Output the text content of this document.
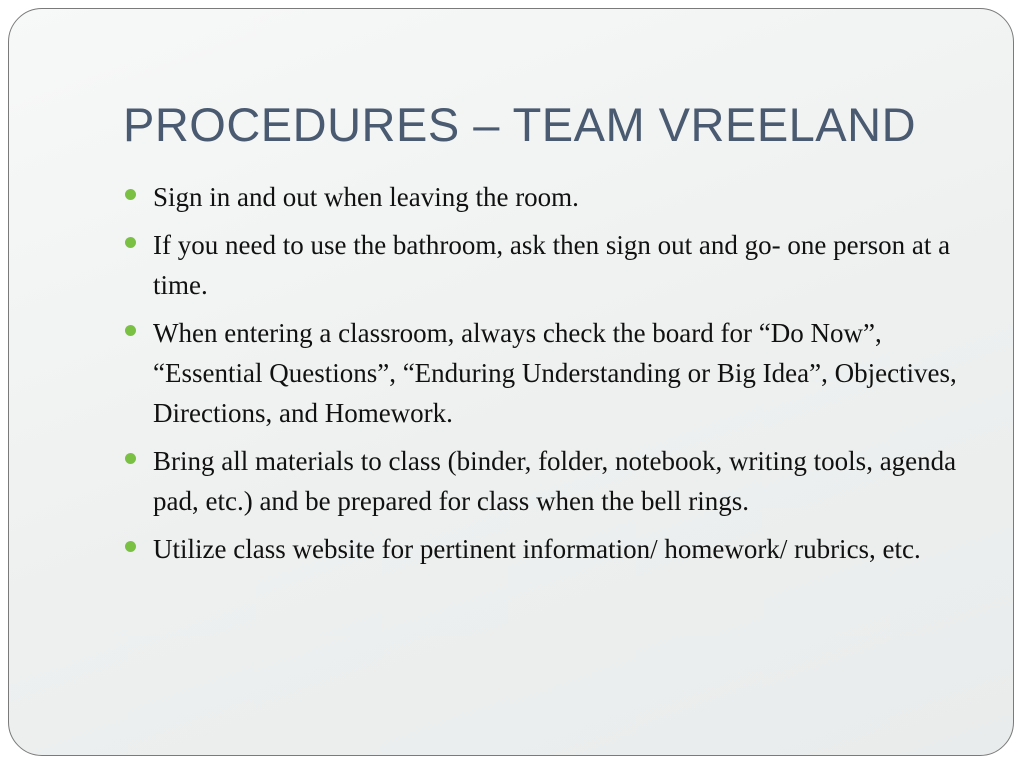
PROCEDURES – TEAM VREELAND
Sign in and out when leaving the room.
If you need to use the bathroom, ask then sign out and go- one person at a time.
When entering a classroom, always check the board for “Do Now”, “Essential Questions”, “Enduring Understanding or Big Idea”, Objectives, Directions, and Homework.
Bring all materials to class (binder, folder, notebook, writing tools, agenda pad, etc.) and be prepared for class when the bell rings.
Utilize class website for pertinent information/ homework/ rubrics, etc.
